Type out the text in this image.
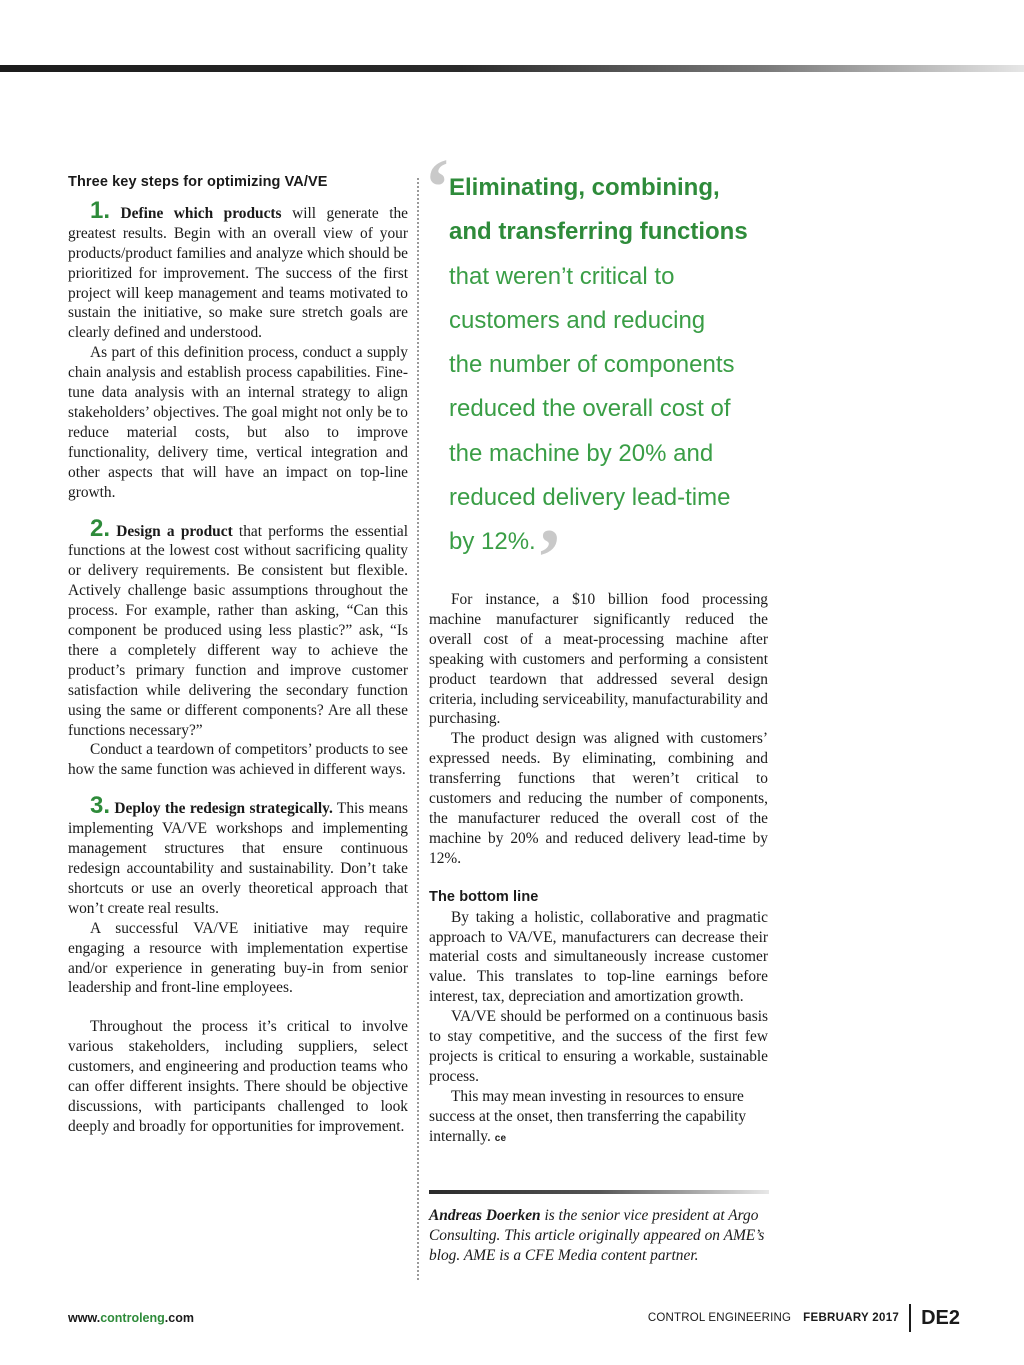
Three key steps for optimizing VA/VE

1. Define which products will generate the greatest results. Begin with an overall view of your products/product families and analyze which should be prioritized for improvement. The success of the first project will keep management and teams motivated to sustain the initiative, so make sure stretch goals are clearly defined and understood.

As part of this definition process, conduct a supply chain analysis and establish process capabilities. Fine-tune data analysis with an internal strategy to align stakeholders’ objectives. The goal might not only be to reduce material costs, but also to improve functionality, delivery time, vertical integration and other aspects that will have an impact on top-line growth.

2. Design a product that performs the essential functions at the lowest cost without sacrificing quality or delivery requirements. Be consistent but flexible. Actively challenge basic assumptions throughout the process. For example, rather than asking, “Can this component be produced using less plastic?” ask, “Is there a completely different way to achieve the product’s primary function and improve customer satisfaction while delivering the secondary function using the same or different components? Are all these functions necessary?”

Conduct a teardown of competitors’ products to see how the same function was achieved in different ways.

3. Deploy the redesign strategically. This means implementing VA/VE workshops and implementing management structures that ensure continuous redesign accountability and sustainability. Don’t take shortcuts or use an overly theoretical approach that won’t create real results.

A successful VA/VE initiative may require engaging a resource with implementation expertise and/or experience in generating buy-in from senior leadership and front-line employees.

Throughout the process it’s critical to involve various stakeholders, including suppliers, select customers, and engineering and production teams who can offer different insights. There should be objective discussions, with participants challenged to look deeply and broadly for opportunities for improvement.

‘
Eliminating, combining,
and transferring functions
that weren’t critical to
customers and reducing
the number of components
reduced the overall cost of
the machine by 20% and
reduced delivery lead-time
by 12%. ’

For instance, a $10 billion food processing machine manufacturer significantly reduced the overall cost of a meat-processing machine after speaking with customers and performing a consistent product teardown that addressed several design criteria, including serviceability, manufacturability and purchasing.

The product design was aligned with customers’ expressed needs. By eliminating, combining and transferring functions that weren’t critical to customers and reducing the number of components, the manufacturer reduced the overall cost of the machine by 20% and reduced delivery lead-time by 12%.

The bottom line

By taking a holistic, collaborative and pragmatic approach to VA/VE, manufacturers can decrease their material costs and simultaneously increase customer value. This translates to top-line earnings before interest, tax, depreciation and amortization growth.

VA/VE should be performed on a continuous basis to stay competitive, and the success of the first few projects is critical to ensuring a workable, sustainable process.

This may mean investing in resources to ensure success at the onset, then transferring the capability internally. ce

Andreas Doerken is the senior vice president at Argo Consulting. This article originally appeared on AME’s blog. AME is a CFE Media content partner.
www.controleng.com	CONTROL ENGINEERING FEBRUARY 2017 DE2
